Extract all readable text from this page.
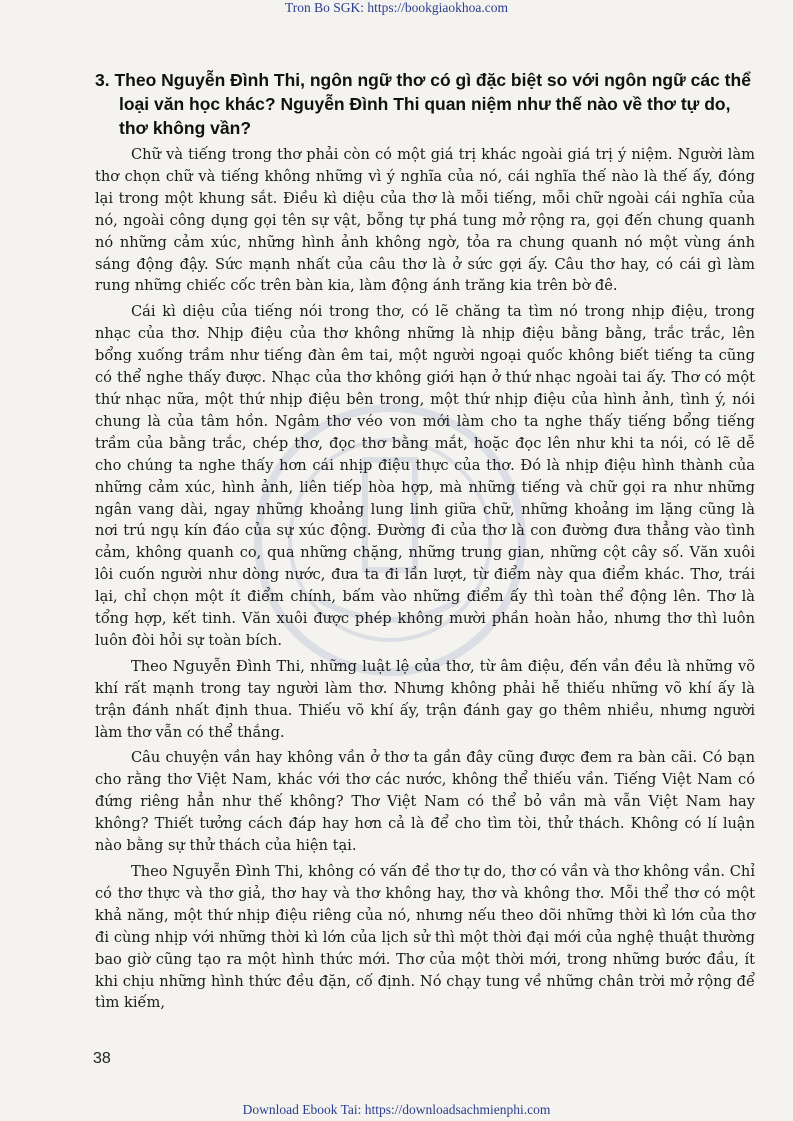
Tron Bo SGK: https://bookgiaokhoa.com

3. Theo Nguyễn Đình Thi, ngôn ngữ thơ có gì đặc biệt so với ngôn ngữ các thể loại văn học khác? Nguyễn Đình Thi quan niệm như thế nào về thơ tự do, thơ không vần?

Chữ và tiếng trong thơ phải còn có một giá trị khác ngoài giá trị ý niệm. Người làm thơ chọn chữ và tiếng không những vì ý nghĩa của nó, cái nghĩa thế nào là thế ấy, đóng lại trong một khung sắt. Điều kì diệu của thơ là mỗi tiếng, mỗi chữ ngoài cái nghĩa của nó, ngoài công dụng gọi tên sự vật, bỗng tự phá tung mở rộng ra, gọi đến chung quanh nó những cảm xúc, những hình ảnh không ngờ, tỏa ra chung quanh nó một vùng ánh sáng động đậy. Sức mạnh nhất của câu thơ là ở sức gợi ấy. Câu thơ hay, có cái gì làm rung những chiếc cốc trên bàn kia, làm động ánh trăng kia trên bờ đê.

Cái kì diệu của tiếng nói trong thơ, có lẽ chăng ta tìm nó trong nhịp điệu, trong nhạc của thơ. Nhịp điệu của thơ không những là nhịp điệu bằng bằng, trắc trắc, lên bổng xuống trầm như tiếng đàn êm tai, một người ngoại quốc không biết tiếng ta cũng có thể nghe thấy được. Nhạc của thơ không giới hạn ở thứ nhạc ngoài tai ấy. Thơ có một thứ nhạc nữa, một thứ nhịp điệu bên trong, một thứ nhịp điệu của hình ảnh, tình ý, nói chung là của tâm hồn. Ngâm thơ véo von mới làm cho ta nghe thấy tiếng bổng tiếng trầm của bằng trắc, chép thơ, đọc thơ bằng mắt, hoặc đọc lên như khi ta nói, có lẽ dễ cho chúng ta nghe thấy hơn cái nhịp điệu thực của thơ. Đó là nhịp điệu hình thành của những cảm xúc, hình ảnh, liên tiếp hòa hợp, mà những tiếng và chữ gọi ra như những ngân vang dài, ngay những khoảng lung linh giữa chữ, những khoảng im lặng cũng là nơi trú ngụ kín đáo của sự xúc động. Đường đi của thơ là con đường đưa thẳng vào tình cảm, không quanh co, qua những chặng, những trung gian, những cột cây số. Văn xuôi lôi cuốn người như dòng nước, đưa ta đi lần lượt, từ điểm này qua điểm khác. Thơ, trái lại, chỉ chọn một ít điểm chính, bấm vào những điểm ấy thì toàn thể động lên. Thơ là tổng hợp, kết tinh. Văn xuôi được phép không mười phần hoàn hảo, nhưng thơ thì luôn luôn đòi hỏi sự toàn bích.

Theo Nguyễn Đình Thi, những luật lệ của thơ, từ âm điệu, đến vần đều là những võ khí rất mạnh trong tay người làm thơ. Nhưng không phải hễ thiếu những võ khí ấy là trận đánh nhất định thua. Thiếu võ khí ấy, trận đánh gay go thêm nhiều, nhưng người làm thơ vẫn có thể thắng.

Câu chuyện vần hay không vần ở thơ ta gần đây cũng được đem ra bàn cãi. Có bạn cho rằng thơ Việt Nam, khác với thơ các nước, không thể thiếu vần. Tiếng Việt Nam có đứng riêng hẳn như thế không? Thơ Việt Nam có thể bỏ vần mà vẫn Việt Nam hay không? Thiết tưởng cách đáp hay hơn cả là để cho tìm tòi, thử thách. Không có lí luận nào bằng sự thử thách của hiện tại.

Theo Nguyễn Đình Thi, không có vấn đề thơ tự do, thơ có vần và thơ không vần. Chỉ có thơ thực và thơ giả, thơ hay và thơ không hay, thơ và không thơ. Mỗi thể thơ có một khả năng, một thứ nhịp điệu riêng của nó, nhưng nếu theo dõi những thời kì lớn của thơ đi cùng nhịp với những thời kì lớn của lịch sử thì một thời đại mới của nghệ thuật thường bao giờ cũng tạo ra một hình thức mới. Thơ của một thời mới, trong những bước đầu, ít khi chịu những hình thức đều đặn, cố định. Nó chạy tung về những chân trời mở rộng để tìm kiếm,

38
Download Ebook Tai: https://downloadsachmienphi.com
